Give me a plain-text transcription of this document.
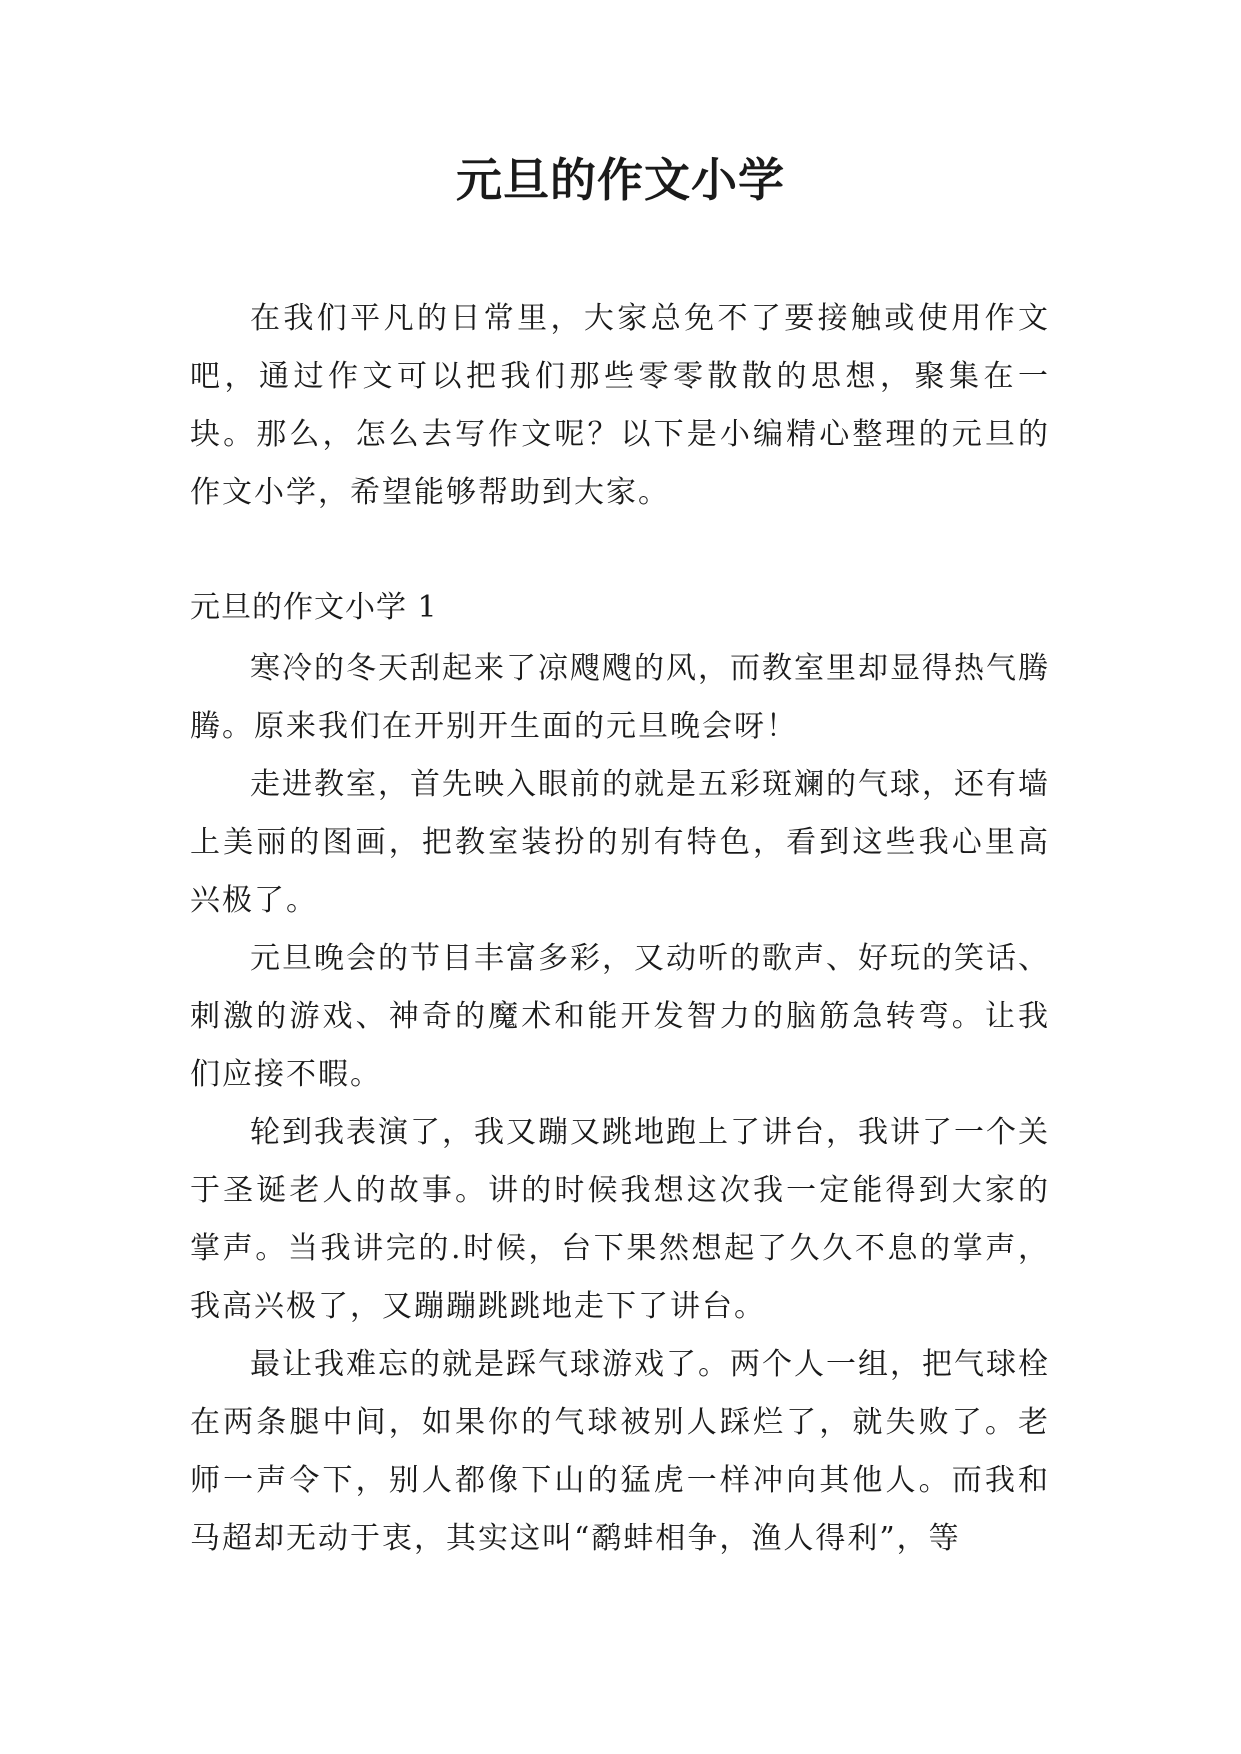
元旦的作文小学

在我们平凡的日常里，大家总免不了要接触或使用作文吧，通过作文可以把我们那些零零散散的思想，聚集在一块。那么，怎么去写作文呢？以下是小编精心整理的元旦的作文小学，希望能够帮助到大家。

元旦的作文小学 1

寒冷的冬天刮起来了凉飕飕的风，而教室里却显得热气腾腾。原来我们在开别开生面的元旦晚会呀！

走进教室，首先映入眼前的就是五彩斑斓的气球，还有墙上美丽的图画，把教室装扮的别有特色，看到这些我心里高兴极了。

元旦晚会的节目丰富多彩，又动听的歌声、好玩的笑话、刺激的游戏、神奇的魔术和能开发智力的脑筋急转弯。让我们应接不暇。

轮到我表演了，我又蹦又跳地跑上了讲台，我讲了一个关于圣诞老人的故事。讲的时候我想这次我一定能得到大家的掌声。当我讲完的.时候，台下果然想起了久久不息的掌声，我高兴极了，又蹦蹦跳跳地走下了讲台。

最让我难忘的就是踩气球游戏了。两个人一组，把气球栓在两条腿中间，如果你的气球被别人踩烂了，就失败了。老师一声令下，别人都像下山的猛虎一样冲向其他人。而我和马超却无动于衷，其实这叫“鹬蚌相争，渔人得利”，等
